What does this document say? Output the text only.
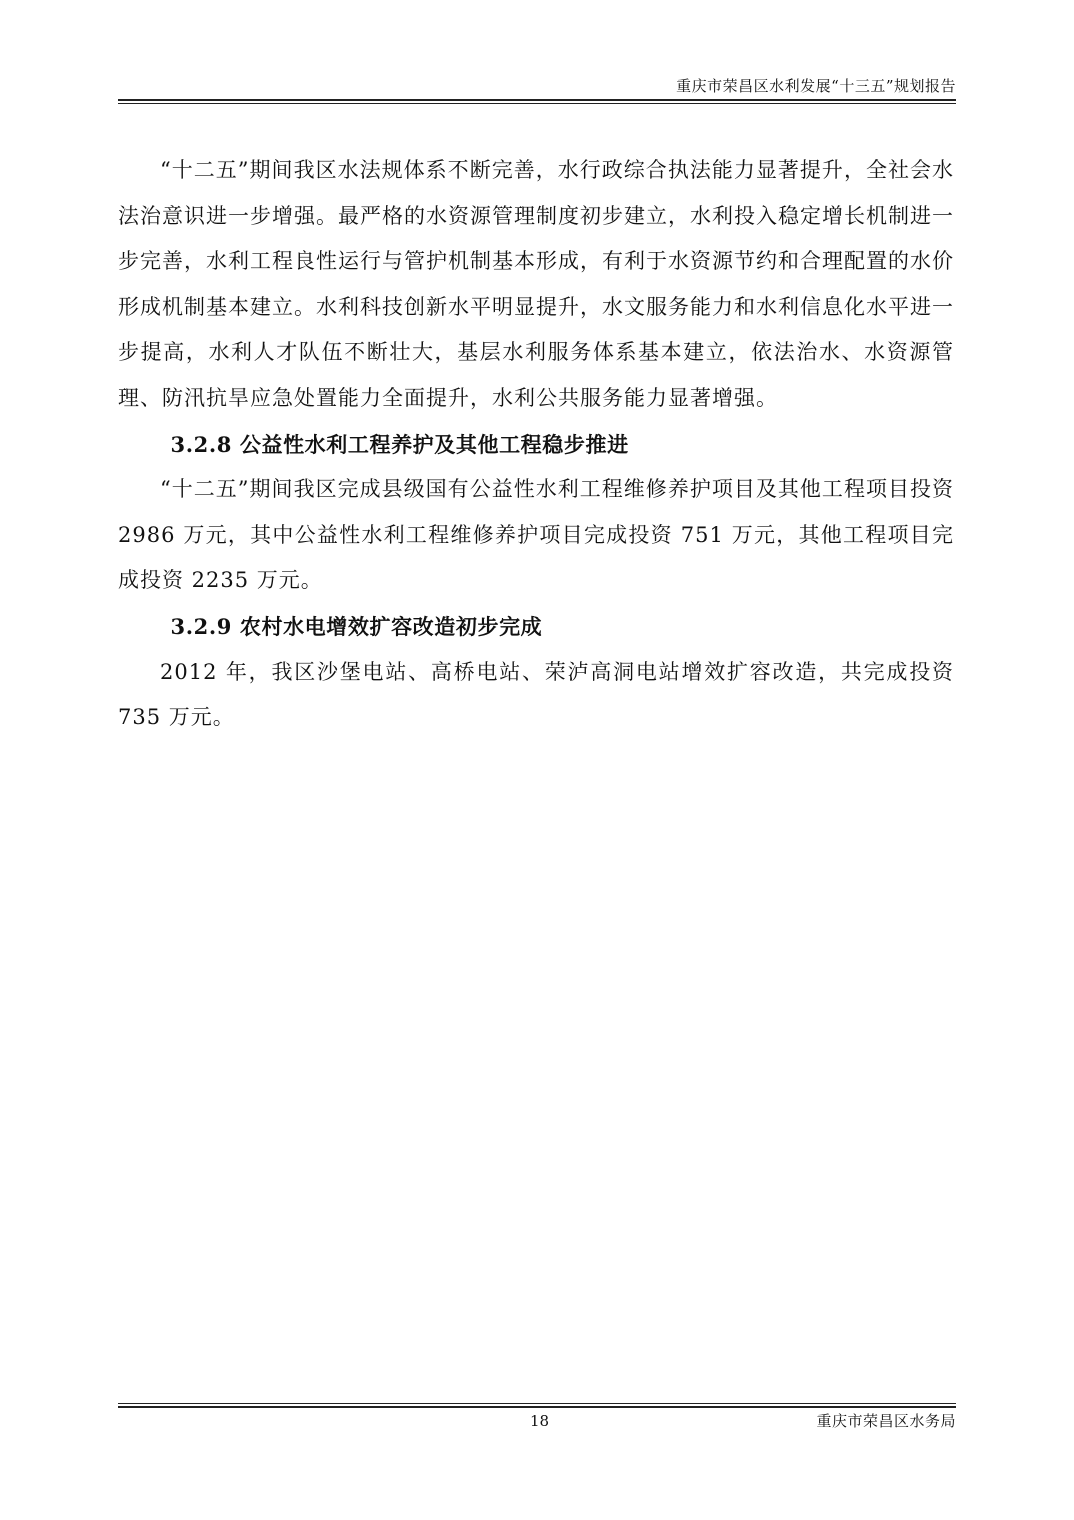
重庆市荣昌区水利发展“十三五”规划报告

“十二五”期间我区水法规体系不断完善，水行政综合执法能力显著提升，全社会水法治意识进一步增强。最严格的水资源管理制度初步建立，水利投入稳定增长机制进一步完善，水利工程良性运行与管护机制基本形成，有利于水资源节约和合理配置的水价形成机制基本建立。水利科技创新水平明显提升，水文服务能力和水利信息化水平进一步提高，水利人才队伍不断壮大，基层水利服务体系基本建立，依法治水、水资源管理、防汛抗旱应急处置能力全面提升，水利公共服务能力显著增强。

3.2.8 公益性水利工程养护及其他工程稳步推进

“十二五”期间我区完成县级国有公益性水利工程维修养护项目及其他工程项目投资 2986 万元，其中公益性水利工程维修养护项目完成投资 751 万元，其他工程项目完成投资 2235 万元。

3.2.9 农村水电增效扩容改造初步完成

2012 年，我区沙堡电站、高桥电站、荣泸高洞电站增效扩容改造，共完成投资 735 万元。

18	重庆市荣昌区水务局
